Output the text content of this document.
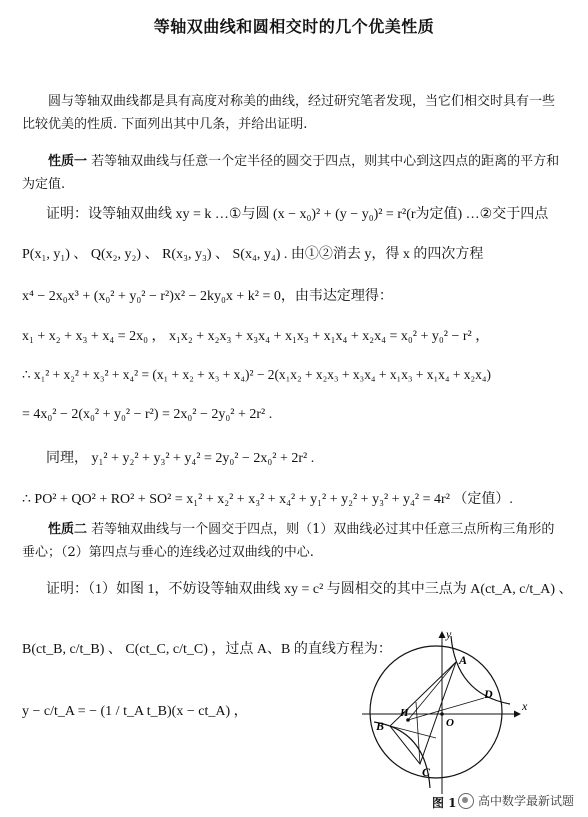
等轴双曲线和圆相交时的几个优美性质
圆与等轴双曲线都是具有高度对称美的曲线，经过研究笔者发现，当它们相交时具有一些比较优美的性质. 下面列出其中几条，并给出证明.
性质一 若等轴双曲线与任意一个定半径的圆交于四点，则其中心到这四点的距离的平方和为定值.
证明：设等轴双曲线 xy = k …①与圆 (x − x₀)² + (y − y₀)² = r²(r为定值) …②交于四点
P(x₁, y₁) 、 Q(x₂, y₂) 、 R(x₃, y₃) 、 S(x₄, y₄) . 由①②消去 y，得 x 的四次方程
x⁴ − 2x₀x³ + (x₀² + y₀² − r²)x² − 2ky₀x + k² = 0，由韦达定理得：
x₁ + x₂ + x₃ + x₄ = 2x₀ ， x₁x₂ + x₂x₃ + x₃x₄ + x₁x₃ + x₁x₄ + x₂x₄ = x₀² + y₀² − r² ，
∴ x₁² + x₂² + x₃² + x₄² = (x₁ + x₂ + x₃ + x₄)² − 2(x₁x₂ + x₂x₃ + x₃x₄ + x₁x₃ + x₁x₄ + x₂x₄)
= 4x₀² − 2(x₀² + y₀² − r²) = 2x₀² − 2y₀² + 2r² .
同理， y₁² + y₂² + y₃² + y₄² = 2y₀² − 2x₀² + 2r² .
∴ PO² + QO² + RO² + SO² = x₁² + x₂² + x₃² + x₄² + y₁² + y₂² + y₃² + y₄² = 4r² （定值）.
性质二 若等轴双曲线与一个圆交于四点，则（1）双曲线必过其中任意三点所构三角形的垂心；（2）第四点与垂心的连线必过双曲线的中心.
证明：（1）如图 1，不妨设等轴双曲线 xy = c² 与圆相交的其中三点为 A(ct_A, c/t_A) 、
B(ct_B, c/t_B) 、 C(ct_C, c/t_C) ，过点 A、B 的直线方程为：
y − c/t_A = − (1 / t_A t_B)(x − ct_A) ，
y
x
A
B
C
D
H
O
图 1 高中数学最新试题
